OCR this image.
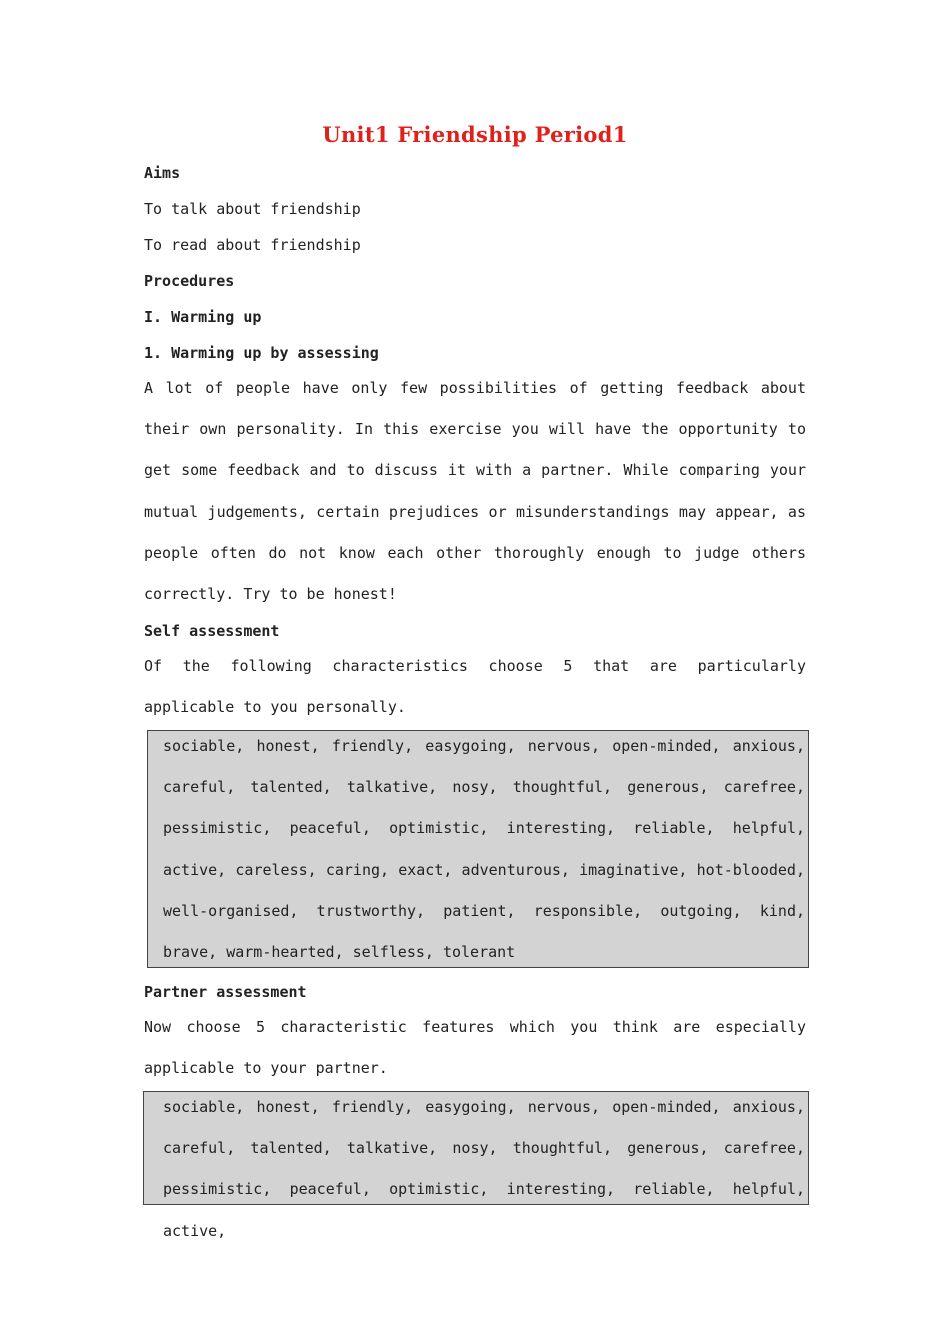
Unit1 Friendship Period1
Aims
To talk about friendship
To read about friendship
Procedures
I. Warming up
1. Warming up by assessing
A lot of people have only few possibilities of getting feedback about their own personality. In this exercise you will have the opportunity to get some feedback and to discuss it with a partner. While comparing your mutual judgements, certain prejudices or misunderstandings may appear, as people often do not know each other thoroughly enough to judge others correctly. Try to be honest!
Self assessment
Of the following characteristics choose 5 that are particularly applicable to you personally.
sociable, honest, friendly, easygoing, nervous, open-minded, anxious, careful, talented, talkative, nosy, thoughtful, generous, carefree, pessimistic, peaceful, optimistic, interesting, reliable, helpful, active, careless, caring, exact, adventurous, imaginative, hot-blooded, well-organised, trustworthy, patient, responsible, outgoing, kind, brave, warm-hearted, selfless, tolerant
Partner assessment
Now choose 5 characteristic features which you think are especially applicable to your partner.
sociable, honest, friendly, easygoing, nervous, open-minded, anxious, careful, talented, talkative, nosy, thoughtful, generous, carefree, pessimistic, peaceful, optimistic, interesting, reliable, helpful, active,
